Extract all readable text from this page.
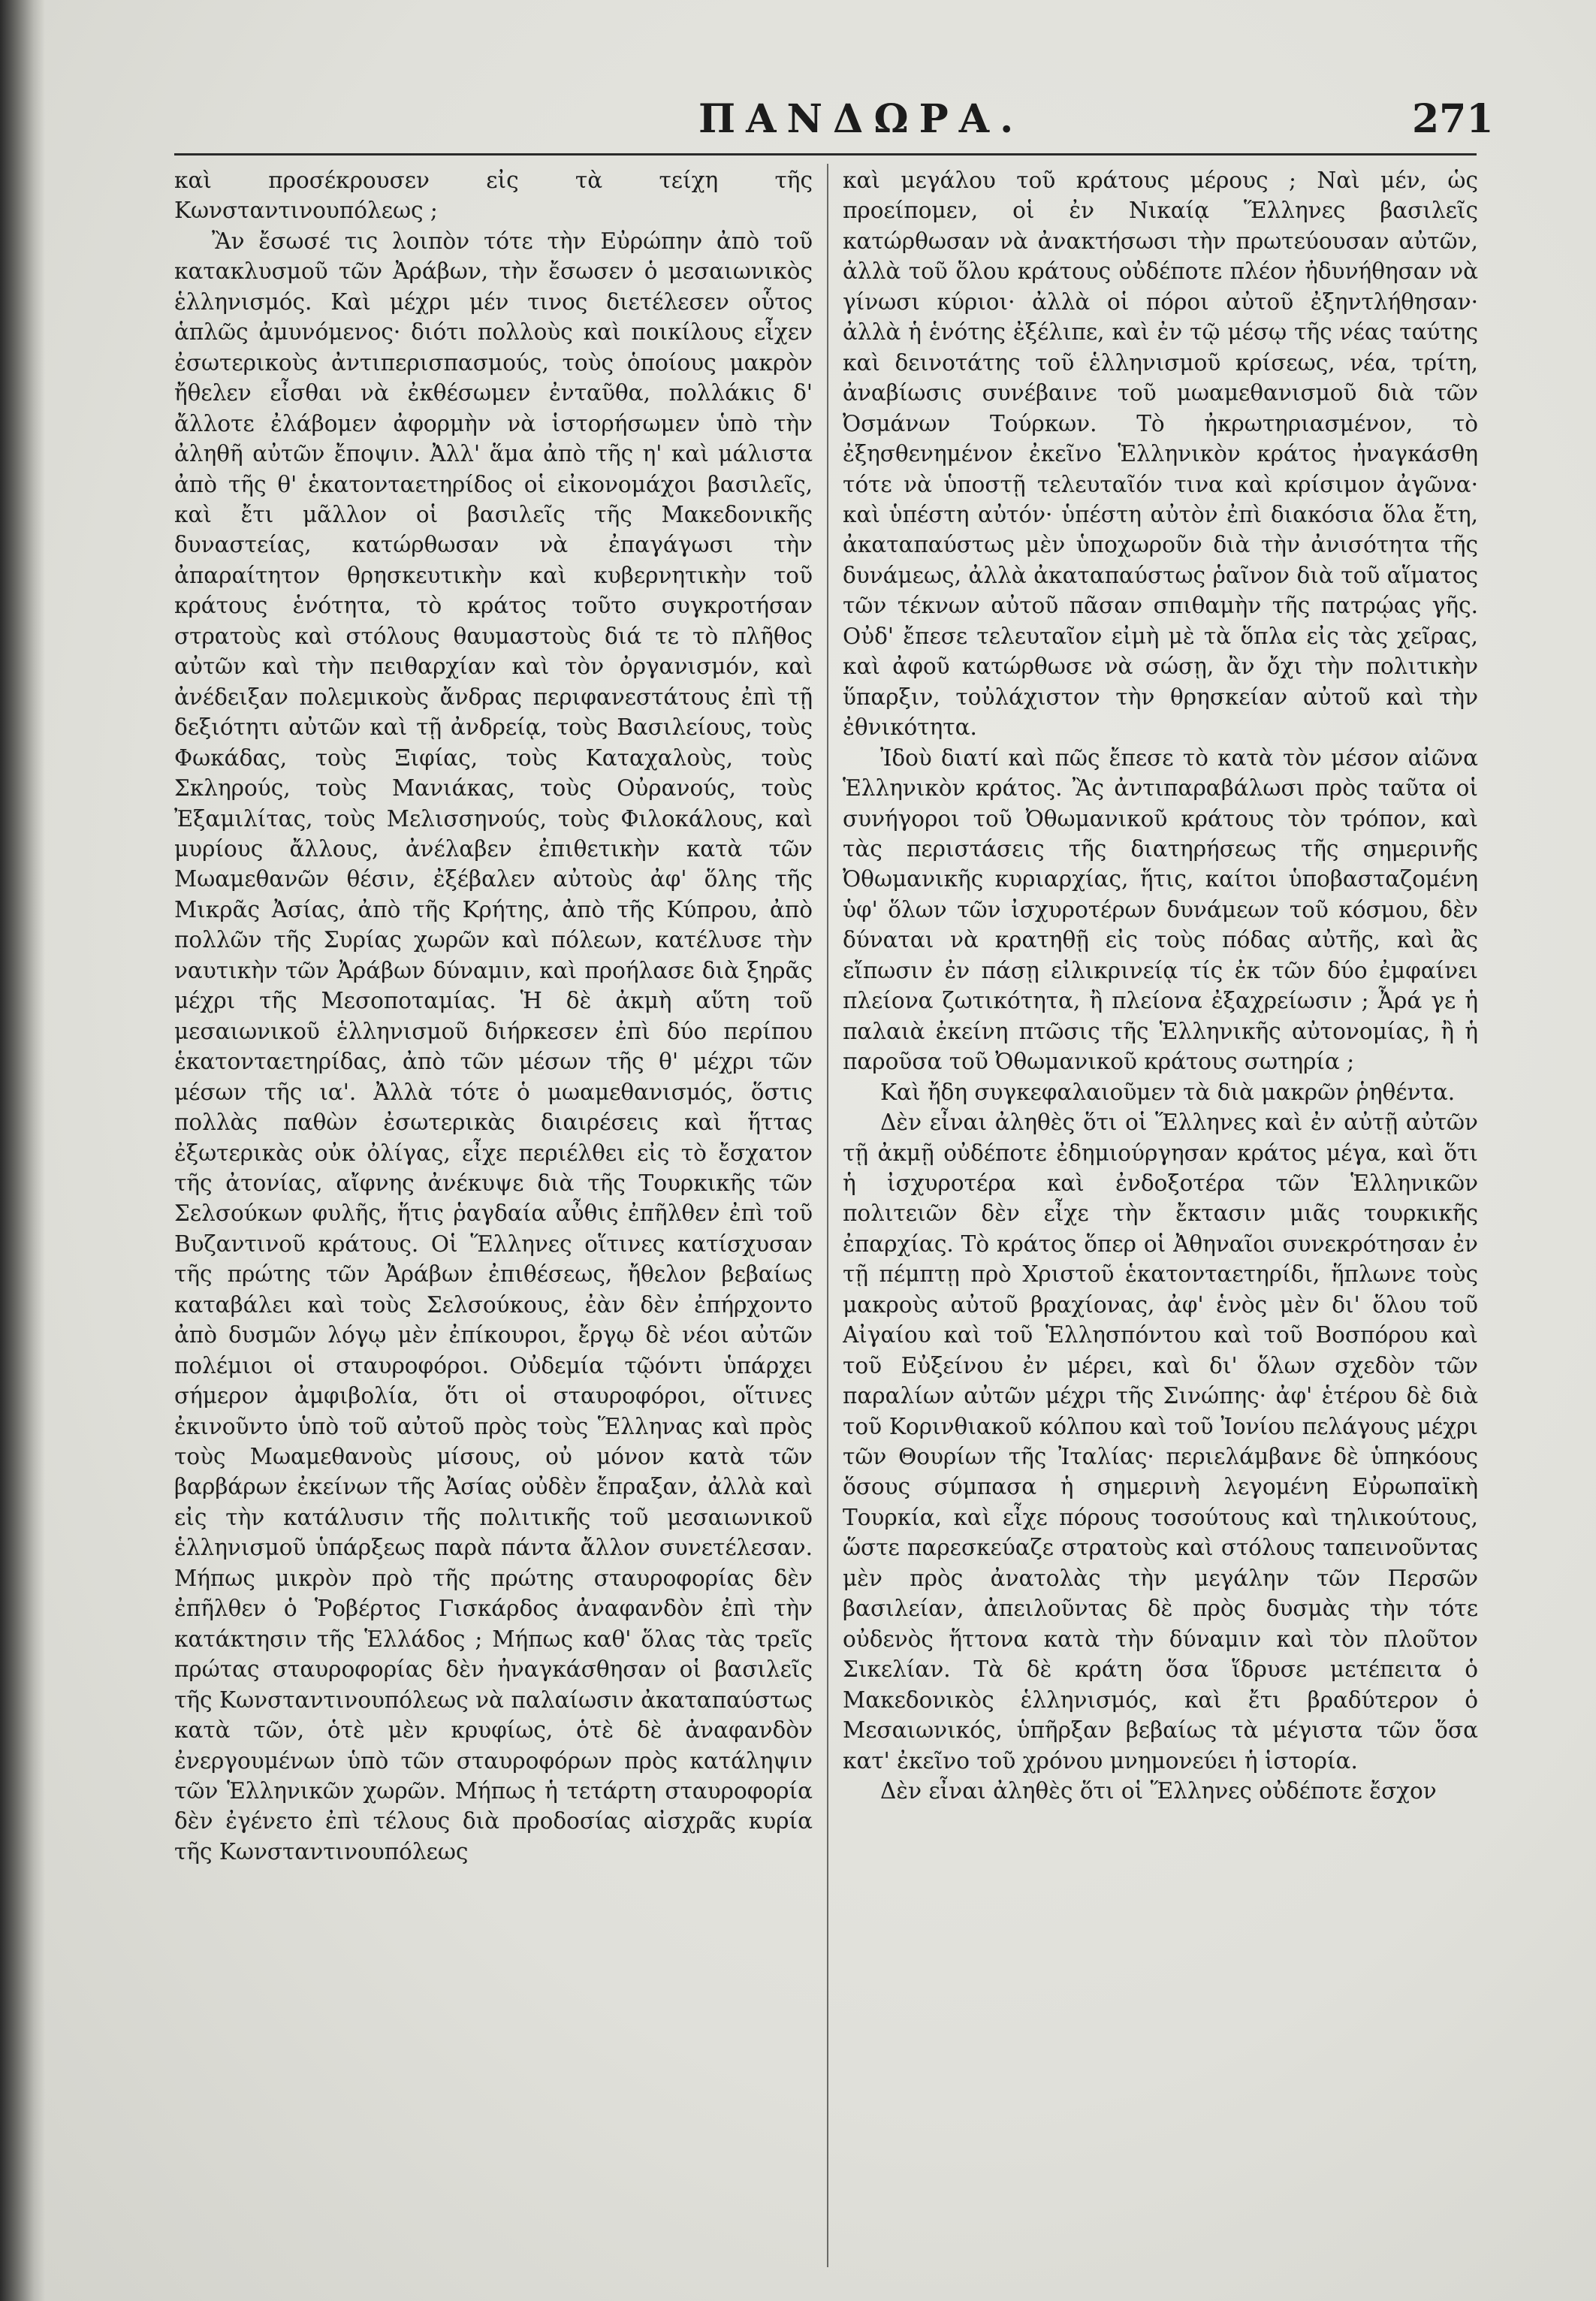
ΠΑΝΔΩΡΑ.	271

καὶ προσέκρουσεν εἰς τὰ τείχη τῆς Κωνσταντινουπόλεως ;

Ἂν ἔσωσέ τις λοιπὸν τότε τὴν Εὐρώπην ἀπὸ τοῦ κατακλυσμοῦ τῶν Ἀράβων, τὴν ἔσωσεν ὁ μεσαιωνικὸς ἑλληνισμός. Καὶ μέχρι μέν τινος διετέλεσεν οὗτος ἁπλῶς ἀμυνόμενος· διότι πολλοὺς καὶ ποικίλους εἶχεν ἐσωτερικοὺς ἀντιπερισπασμούς, τοὺς ὁποίους μακρὸν ἤθελεν εἶσθαι νὰ ἐκθέσωμεν ἐνταῦθα, πολλάκις δ' ἄλλοτε ἐλάβομεν ἀφορμὴν νὰ ἱστορήσωμεν ὑπὸ τὴν ἀληθῆ αὐτῶν ἔποψιν. Ἀλλ' ἅμα ἀπὸ τῆς η' καὶ μάλιστα ἀπὸ τῆς θ' ἑκατονταετηρίδος οἱ εἰκονομάχοι βασιλεῖς, καὶ ἔτι μᾶλλον οἱ βασιλεῖς τῆς Μακεδονικῆς δυναστείας, κατώρθωσαν νὰ ἐπαγάγωσι τὴν ἀπαραίτητον θρησκευτικὴν καὶ κυβερνητικὴν τοῦ κράτους ἑνότητα, τὸ κράτος τοῦτο συγκροτήσαν στρατοὺς καὶ στόλους θαυμαστοὺς διά τε τὸ πλῆθος αὐτῶν καὶ τὴν πειθαρχίαν καὶ τὸν ὀργανισμόν, καὶ ἀνέδειξαν πολεμικοὺς ἄνδρας περιφανεστάτους ἐπὶ τῇ δεξιότητι αὐτῶν καὶ τῇ ἀνδρείᾳ, τοὺς Βασιλείους, τοὺς Φωκάδας, τοὺς Ξιφίας, τοὺς Καταχαλοὺς, τοὺς Σκληρούς, τοὺς Μανιάκας, τοὺς Οὐρανούς, τοὺς Ἐξαμιλίτας, τοὺς Μελισσηνούς, τοὺς Φιλοκάλους, καὶ μυρίους ἄλλους, ἀνέλαβεν ἐπιθετικὴν κατὰ τῶν Μωαμεθανῶν θέσιν, ἐξέβαλεν αὐτοὺς ἀφ' ὅλης τῆς Μικρᾶς Ἀσίας, ἀπὸ τῆς Κρήτης, ἀπὸ τῆς Κύπρου, ἀπὸ πολλῶν τῆς Συρίας χωρῶν καὶ πόλεων, κατέλυσε τὴν ναυτικὴν τῶν Ἀράβων δύναμιν, καὶ προήλασε διὰ ξηρᾶς μέχρι τῆς Μεσοποταμίας. Ἡ δὲ ἀκμὴ αὕτη τοῦ μεσαιωνικοῦ ἑλληνισμοῦ διήρκεσεν ἐπὶ δύο περίπου ἑκατονταετηρίδας, ἀπὸ τῶν μέσων τῆς θ' μέχρι τῶν μέσων τῆς ια'. Ἀλλὰ τότε ὁ μωαμεθανισμός, ὅστις πολλὰς παθὼν ἐσωτερικὰς διαιρέσεις καὶ ἥττας ἐξωτερικὰς οὐκ ὀλίγας, εἶχε περιέλθει εἰς τὸ ἔσχατον τῆς ἀτονίας, αἴφνης ἀνέκυψε διὰ τῆς Τουρκικῆς τῶν Σελσούκων φυλῆς, ἥτις ῥαγδαία αὖθις ἐπῆλθεν ἐπὶ τοῦ Βυζαντινοῦ κράτους. Οἱ Ἕλληνες οἵτινες κατίσχυσαν τῆς πρώτης τῶν Ἀράβων ἐπιθέσεως, ἤθελον βεβαίως καταβάλει καὶ τοὺς Σελσούκους, ἐὰν δὲν ἐπήρχοντο ἀπὸ δυσμῶν λόγῳ μὲν ἐπίκουροι, ἔργῳ δὲ νέοι αὐτῶν πολέμιοι οἱ σταυροφόροι. Οὐδεμία τῷόντι ὑπάρχει σήμερον ἀμφιβολία, ὅτι οἱ σταυροφόροι, οἵτινες ἐκινοῦντο ὑπὸ τοῦ αὐτοῦ πρὸς τοὺς Ἕλληνας καὶ πρὸς τοὺς Μωαμεθανοὺς μίσους, οὐ μόνον κατὰ τῶν βαρβάρων ἐκείνων τῆς Ἀσίας οὐδὲν ἔπραξαν, ἀλλὰ καὶ εἰς τὴν κατάλυσιν τῆς πολιτικῆς τοῦ μεσαιωνικοῦ ἑλληνισμοῦ ὑπάρξεως παρὰ πάντα ἄλλον συνετέλεσαν. Μήπως μικρὸν πρὸ τῆς πρώτης σταυροφορίας δὲν ἐπῆλθεν ὁ Ῥοβέρτος Γισκάρδος ἀναφανδὸν ἐπὶ τὴν κατάκτησιν τῆς Ἑλλάδος ; Μήπως καθ' ὅλας τὰς τρεῖς πρώτας σταυροφορίας δὲν ἠναγκάσθησαν οἱ βασιλεῖς τῆς Κωνσταντινουπόλεως νὰ παλαίωσιν ἀκαταπαύστως κατὰ τῶν, ὁτὲ μὲν κρυφίως, ὁτὲ δὲ ἀναφανδὸν ἐνεργουμένων ὑπὸ τῶν σταυροφόρων πρὸς κατάληψιν τῶν Ἑλληνικῶν χωρῶν. Μήπως ἡ τετάρτη σταυροφορία δὲν ἐγένετο ἐπὶ τέλους διὰ προδοσίας αἰσχρᾶς κυρία τῆς Κωνσταντινουπόλεως

καὶ μεγάλου τοῦ κράτους μέρους ; Ναὶ μέν, ὡς προείπομεν, οἱ ἐν Νικαίᾳ Ἕλληνες βασιλεῖς κατώρθωσαν νὰ ἀνακτήσωσι τὴν πρωτεύουσαν αὐτῶν, ἀλλὰ τοῦ ὅλου κράτους οὐδέποτε πλέον ἠδυνήθησαν νὰ γίνωσι κύριοι· ἀλλὰ οἱ πόροι αὐτοῦ ἐξηντλήθησαν· ἀλλὰ ἡ ἑνότης ἐξέλιπε, καὶ ἐν τῷ μέσῳ τῆς νέας ταύτης καὶ δεινοτάτης τοῦ ἑλληνισμοῦ κρίσεως, νέα, τρίτη, ἀναβίωσις συνέβαινε τοῦ μωαμεθανισμοῦ διὰ τῶν Ὀσμάνων Τούρκων. Τὸ ἠκρωτηριασμένον, τὸ ἐξησθενημένον ἐκεῖνο Ἑλληνικὸν κράτος ἠναγκάσθη τότε νὰ ὑποστῇ τελευταῖόν τινα καὶ κρίσιμον ἀγῶνα· καὶ ὑπέστη αὐτόν· ὑπέστη αὐτὸν ἐπὶ διακόσια ὅλα ἔτη, ἀκαταπαύστως μὲν ὑποχωροῦν διὰ τὴν ἀνισότητα τῆς δυνάμεως, ἀλλὰ ἀκαταπαύστως ῥαῖνον διὰ τοῦ αἵματος τῶν τέκνων αὐτοῦ πᾶσαν σπιθαμὴν τῆς πατρῴας γῆς. Οὐδ' ἔπεσε τελευταῖον εἰμὴ μὲ τὰ ὅπλα εἰς τὰς χεῖρας, καὶ ἀφοῦ κατώρθωσε νὰ σώσῃ, ἂν ὄχι τὴν πολιτικὴν ὕπαρξιν, τοὐλάχιστον τὴν θρησκείαν αὐτοῦ καὶ τὴν ἐθνικότητα.

Ἰδοὺ διατί καὶ πῶς ἔπεσε τὸ κατὰ τὸν μέσον αἰῶνα Ἑλληνικὸν κράτος. Ἂς ἀντιπαραβάλωσι πρὸς ταῦτα οἱ συνήγοροι τοῦ Ὀθωμανικοῦ κράτους τὸν τρόπον, καὶ τὰς περιστάσεις τῆς διατηρήσεως τῆς σημερινῆς Ὀθωμανικῆς κυριαρχίας, ἥτις, καίτοι ὑποβασταζομένη ὑφ' ὅλων τῶν ἰσχυροτέρων δυνάμεων τοῦ κόσμου, δὲν δύναται νὰ κρατηθῇ εἰς τοὺς πόδας αὐτῆς, καὶ ἂς εἴπωσιν ἐν πάσῃ εἰλικρινείᾳ τίς ἐκ τῶν δύο ἐμφαίνει πλείονα ζωτικότητα, ἢ πλείονα ἐξαχρείωσιν ; Ἆρά γε ἡ παλαιὰ ἐκείνη πτῶσις τῆς Ἑλληνικῆς αὐτονομίας, ἢ ἡ παροῦσα τοῦ Ὀθωμανικοῦ κράτους σωτηρία ;

Καὶ ἤδη συγκεφαλαιοῦμεν τὰ διὰ μακρῶν ῥηθέντα.

Δὲν εἶναι ἀληθὲς ὅτι οἱ Ἕλληνες καὶ ἐν αὐτῇ αὐτῶν τῇ ἀκμῇ οὐδέποτε ἐδημιούργησαν κράτος μέγα, καὶ ὅτι ἡ ἰσχυροτέρα καὶ ἐνδοξοτέρα τῶν Ἑλληνικῶν πολιτειῶν δὲν εἶχε τὴν ἔκτασιν μιᾶς τουρκικῆς ἐπαρχίας. Τὸ κράτος ὅπερ οἱ Ἀθηναῖοι συνεκρότησαν ἐν τῇ πέμπτῃ πρὸ Χριστοῦ ἑκατονταετηρίδι, ἥπλωνε τοὺς μακροὺς αὐτοῦ βραχίονας, ἀφ' ἑνὸς μὲν δι' ὅλου τοῦ Αἰγαίου καὶ τοῦ Ἑλλησπόντου καὶ τοῦ Βοσπόρου καὶ τοῦ Εὐξείνου ἐν μέρει, καὶ δι' ὅλων σχεδὸν τῶν παραλίων αὐτῶν μέχρι τῆς Σινώπης· ἀφ' ἑτέρου δὲ διὰ τοῦ Κορινθιακοῦ κόλπου καὶ τοῦ Ἰονίου πελάγους μέχρι τῶν Θουρίων τῆς Ἰταλίας· περιελάμβανε δὲ ὑπηκόους ὅσους σύμπασα ἡ σημερινὴ λεγομένη Εὐρωπαϊκὴ Τουρκία, καὶ εἶχε πόρους τοσούτους καὶ τηλικούτους, ὥστε παρεσκεύαζε στρατοὺς καὶ στόλους ταπεινοῦντας μὲν πρὸς ἀνατολὰς τὴν μεγάλην τῶν Περσῶν βασιλείαν, ἀπειλοῦντας δὲ πρὸς δυσμὰς τὴν τότε οὐδενὸς ἥττονα κατὰ τὴν δύναμιν καὶ τὸν πλοῦτον Σικελίαν. Τὰ δὲ κράτη ὅσα ἵδρυσε μετέπειτα ὁ Μακεδονικὸς ἑλληνισμός, καὶ ἔτι βραδύτερον ὁ Μεσαιωνικός, ὑπῆρξαν βεβαίως τὰ μέγιστα τῶν ὅσα κατ' ἐκεῖνο τοῦ χρόνου μνημονεύει ἡ ἱστορία.

Δὲν εἶναι ἀληθὲς ὅτι οἱ Ἕλληνες οὐδέποτε ἔσχον
